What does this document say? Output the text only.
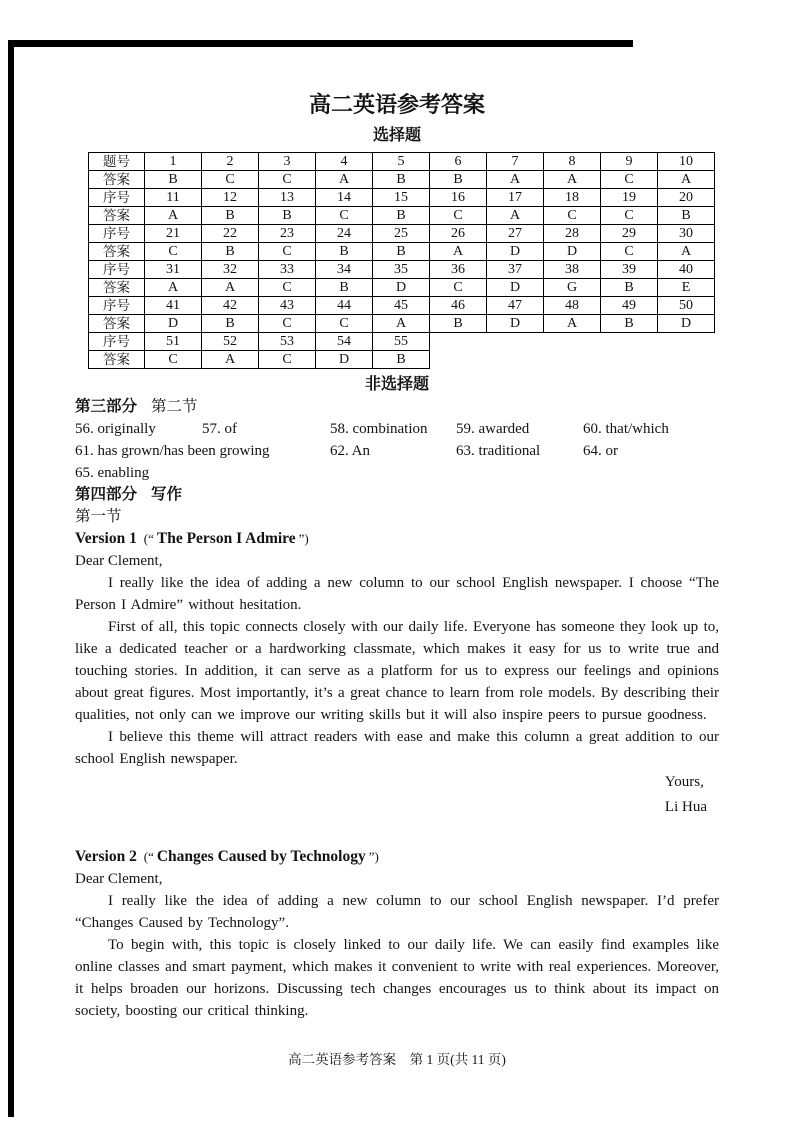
高二英语参考答案
选择题
题号	1	2	3	4	5	6	7	8	9	10
答案	B	C	C	A	B	B	A	A	C	A
序号	11	12	13	14	15	16	17	18	19	20
答案	A	B	B	C	B	C	A	C	C	B
序号	21	22	23	24	25	26	27	28	29	30
答案	C	B	C	B	B	A	D	D	C	A
序号	31	32	33	34	35	36	37	38	39	40
答案	A	A	C	B	D	C	D	G	B	E
序号	41	42	43	44	45	46	47	48	49	50
答案	D	B	C	C	A	B	D	A	B	D
序号	51	52	53	54	55					
答案	C	A	C	D	B					
非选择题
第三部分 第二节
56. originally	57. of	58. combination 59. awarded	60. that/which
61. has grown/has been growing	62. An	63. traditional	64. or
65. enabling
第四部分 写作
第一节
Version 1 (“ The Person I Admire ”)
Dear Clement,

I really like the idea of adding a new column to our school English newspaper. I choose “The Person I Admire” without hesitation.

First of all, this topic connects closely with our daily life. Everyone has someone they look up to, like a dedicated teacher or a hardworking classmate, which makes it easy for us to write true and touching stories. In addition, it can serve as a platform for us to express our feelings and opinions about great figures. Most importantly, it’s a great chance to learn from role models. By describing their qualities, not only can we improve our writing skills but it will also inspire peers to pursue goodness.

I believe this theme will attract readers with ease and make this column a great addition to our school English newspaper.

Yours,
Li Hua
Version 2 (“ Changes Caused by Technology ”)
Dear Clement,

I really like the idea of adding a new column to our school English newspaper. I’d prefer “Changes Caused by Technology”.

To begin with, this topic is closely linked to our daily life. We can easily find examples like online classes and smart payment, which makes it convenient to write with real experiences. Moreover, it helps broaden our horizons. Discussing tech changes encourages us to think about its impact on society, boosting our critical thinking.

高二英语参考答案　第 1 页(共 11 页)
